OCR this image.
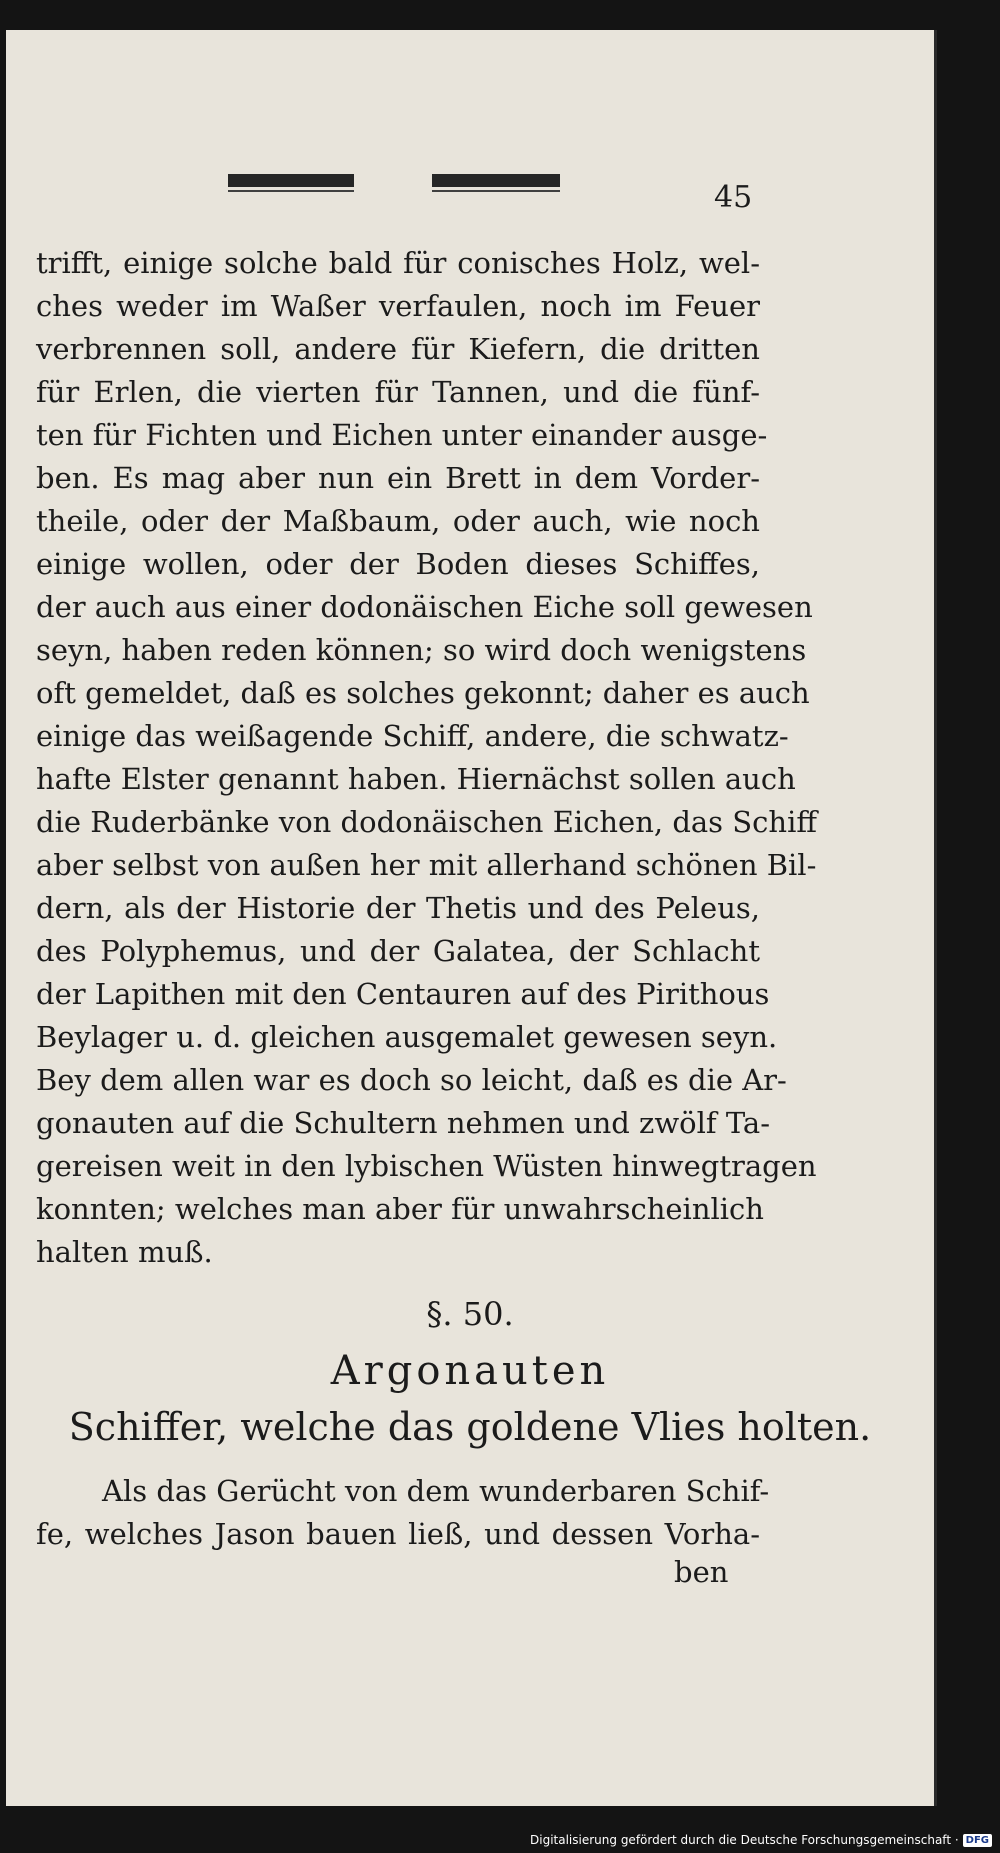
45
trifft, einige solche bald für conisches Holz, wel-
ches weder im Waßer verfaulen, noch im Feuer
verbrennen soll, andere für Kiefern, die dritten
für Erlen, die vierten für Tannen, und die fünf-
ten für Fichten und Eichen unter einander ausge-
ben. Es mag aber nun ein Brett in dem Vorder-
theile, oder der Maßbaum, oder auch, wie noch
einige wollen, oder der Boden dieses Schiffes,
der auch aus einer dodonäischen Eiche soll gewesen
seyn, haben reden können; so wird doch wenigstens
oft gemeldet, daß es solches gekonnt; daher es auch
einige das weißagende Schiff, andere, die schwatz-
hafte Elster genannt haben. Hiernächst sollen auch
die Ruderbänke von dodonäischen Eichen, das Schiff
aber selbst von außen her mit allerhand schönen Bil-
dern, als der Historie der Thetis und des Peleus,
des Polyphemus, und der Galatea, der Schlacht
der Lapithen mit den Centauren auf des Pirithous
Beylager u. d. gleichen ausgemalet gewesen seyn.
Bey dem allen war es doch so leicht, daß es die Ar-
gonauten auf die Schultern nehmen und zwölf Ta-
gereisen weit in den lybischen Wüsten hinwegtragen
konnten; welches man aber für unwahrscheinlich
halten muß.
§. 50.
Argonauten
Schiffer, welche das goldene Vlies holten.
Als das Gerücht von dem wunderbaren Schif-
fe, welches Jason bauen ließ, und dessen Vorha-
ben
Digitalisierung gefördert durch die Deutsche Forschungsgemeinschaft · DFG
